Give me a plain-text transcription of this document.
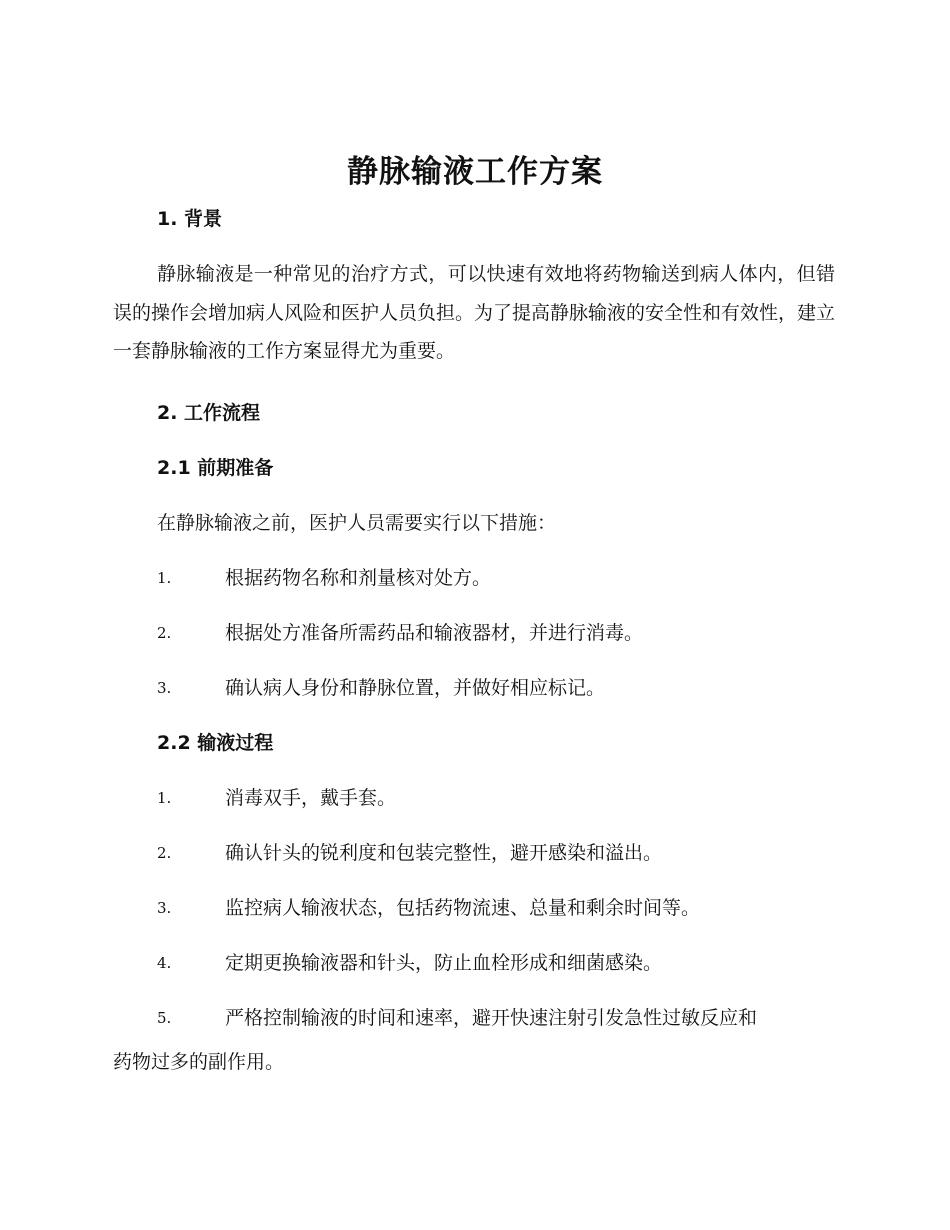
静脉输液工作方案
1. 背景
静脉输液是一种常见的治疗方式，可以快速有效地将药物输送到病人体内，但错误的操作会增加病人风险和医护人员负担。为了提高静脉输液的安全性和有效性，建立一套静脉输液的工作方案显得尤为重要。
2. 工作流程
2.1 前期准备
在静脉输液之前，医护人员需要实行以下措施：
1.	根据药物名称和剂量核对处方。
2.	根据处方准备所需药品和输液器材，并进行消毒。
3.	确认病人身份和静脉位置，并做好相应标记。
2.2 输液过程
1.	消毒双手，戴手套。
2.	确认针头的锐利度和包装完整性，避开感染和溢出。
3.	监控病人输液状态，包括药物流速、总量和剩余时间等。
4.	定期更换输液器和针头，防止血栓形成和细菌感染。
5.	严格控制输液的时间和速率，避开快速注射引发急性过敏反应和
药物过多的副作用。
